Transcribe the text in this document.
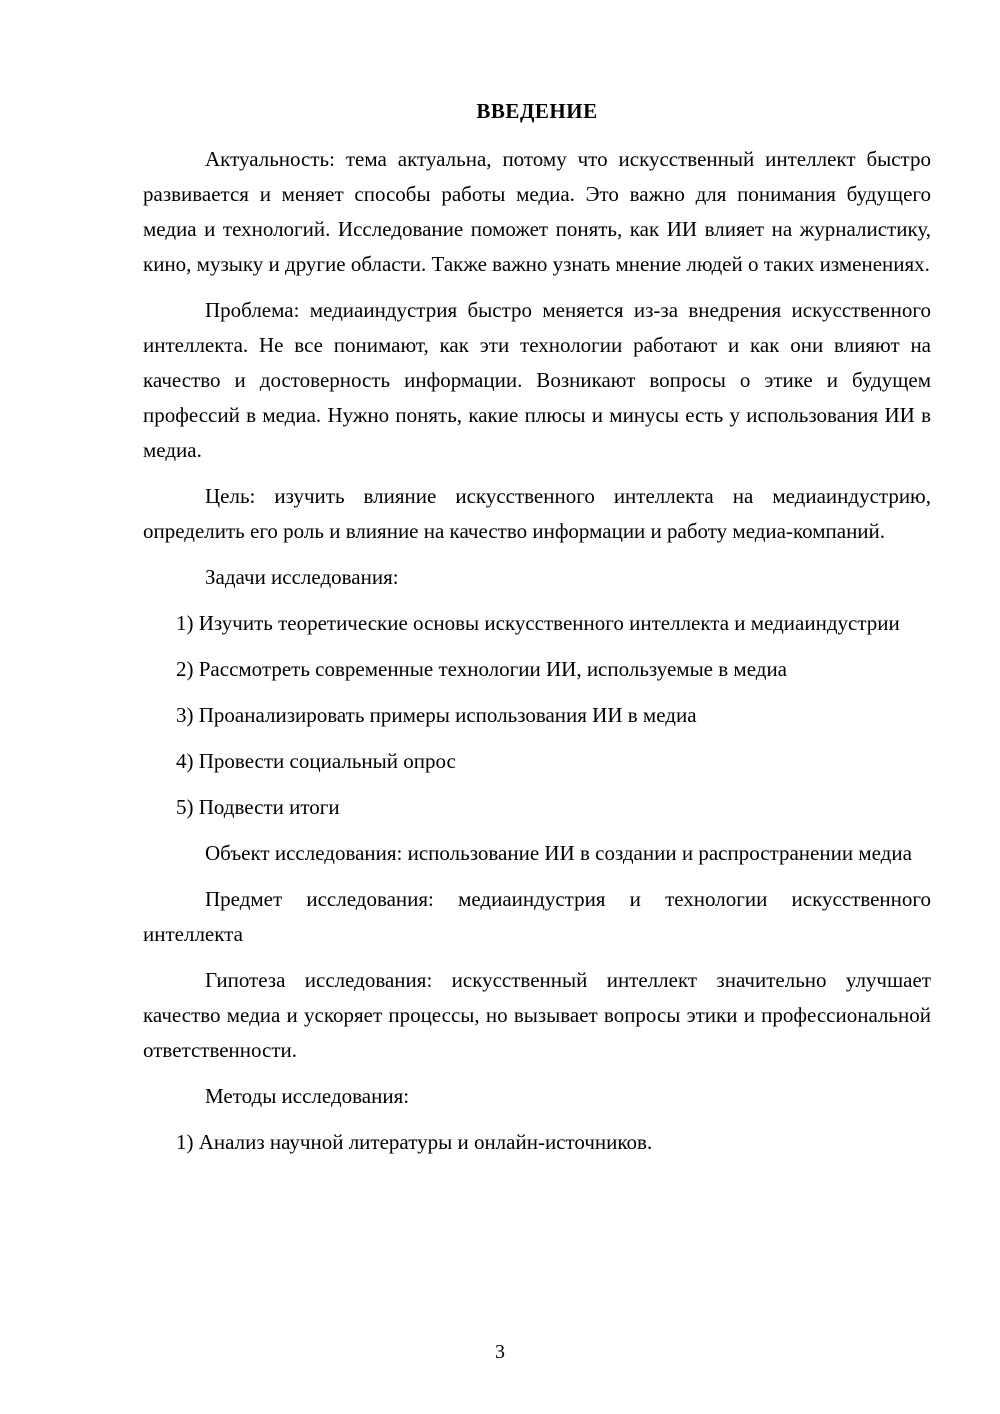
ВВЕДЕНИЕ

Актуальность: тема актуальна, потому что искусственный интеллект быстро развивается и меняет способы работы медиа. Это важно для понимания будущего медиа и технологий. Исследование поможет понять, как ИИ влияет на журналистику, кино, музыку и другие области. Также важно узнать мнение людей о таких изменениях.

Проблема: медиаиндустрия быстро меняется из-за внедрения искусственного интеллекта. Не все понимают, как эти технологии работают и как они влияют на качество и достоверность информации. Возникают вопросы о этике и будущем профессий в медиа. Нужно понять, какие плюсы и минусы есть у использования ИИ в медиа.

Цель: изучить влияние искусственного интеллекта на медиаиндустрию, определить его роль и влияние на качество информации и работу медиа-компаний.

Задачи исследования:

1) Изучить теоретические основы искусственного интеллекта и медиаиндустрии

2) Рассмотреть современные технологии ИИ, используемые в медиа

3) Проанализировать примеры использования ИИ в медиа

4) Провести социальный опрос

5) Подвести итоги

Объект исследования: использование ИИ в создании и распространении медиа

Предмет исследования: медиаиндустрия и технологии искусственного интеллекта

Гипотеза исследования: искусственный интеллект значительно улучшает качество медиа и ускоряет процессы, но вызывает вопросы этики и профессиональной ответственности.

Методы исследования:

1) Анализ научной литературы и онлайн-источников.

3
